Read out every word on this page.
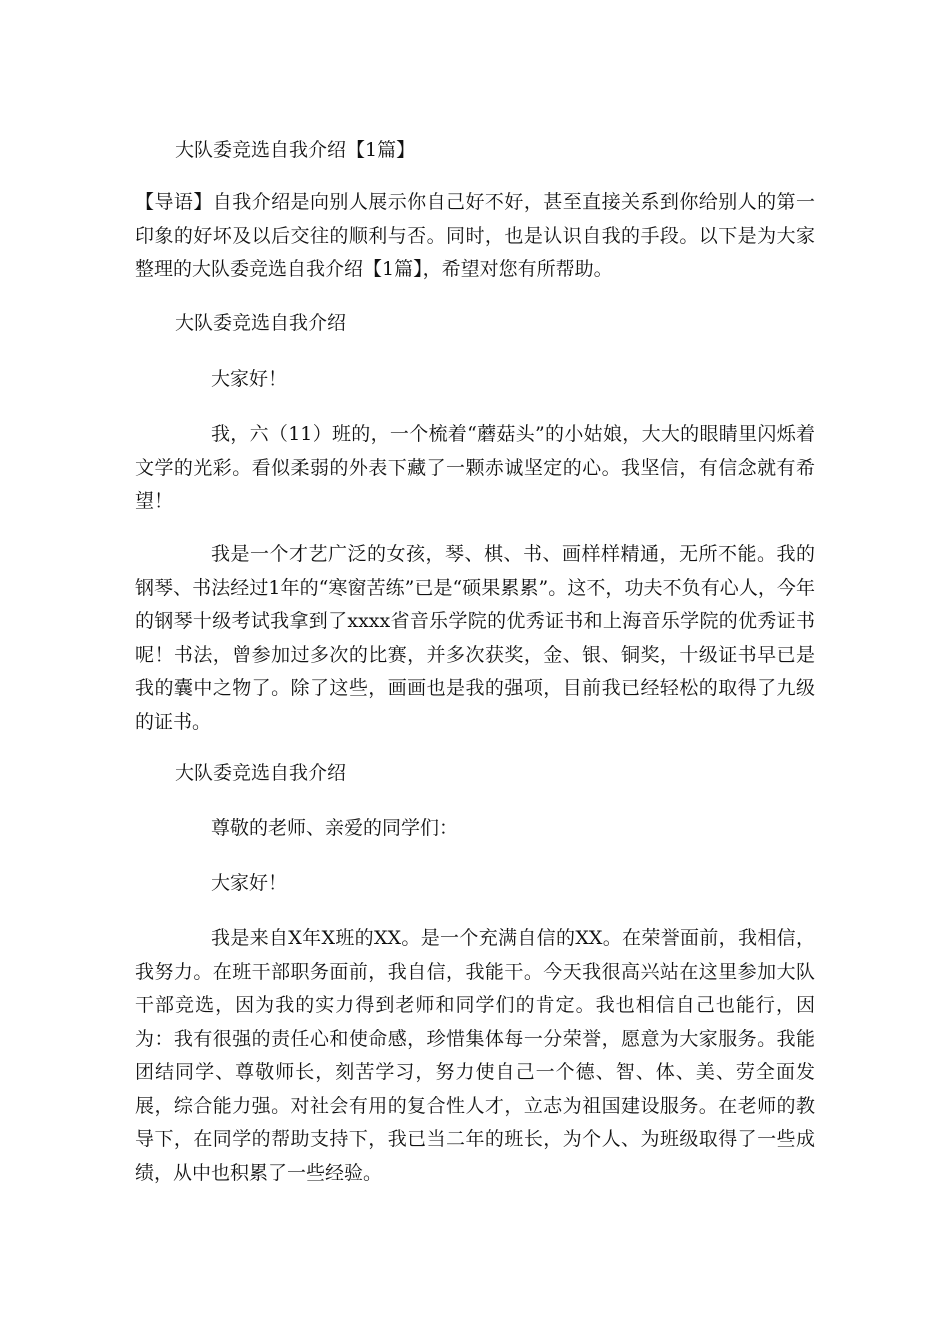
大队委竞选自我介绍【1篇】

【导语】自我介绍是向别人展示你自己好不好，甚至直接关系到你给别人的第一印象的好坏及以后交往的顺利与否。同时，也是认识自我的手段。以下是为大家整理的大队委竞选自我介绍【1篇】，希望对您有所帮助。

大队委竞选自我介绍

大家好！

我，六（11）班的，一个梳着“蘑菇头”的小姑娘，大大的眼睛里闪烁着文学的光彩。看似柔弱的外表下藏了一颗赤诚坚定的心。我坚信，有信念就有希望！

我是一个才艺广泛的女孩，琴、棋、书、画样样精通，无所不能。我的钢琴、书法经过1年的“寒窗苦练”已是“硕果累累”。这不，功夫不负有心人，今年的钢琴十级考试我拿到了xxxx省音乐学院的优秀证书和上海音乐学院的优秀证书呢！书法，曾参加过多次的比赛，并多次获奖，金、银、铜奖，十级证书早已是我的囊中之物了。除了这些，画画也是我的强项，目前我已经轻松的取得了九级的证书。

大队委竞选自我介绍

尊敬的老师、亲爱的同学们：

大家好！

我是来自X年X班的XX。是一个充满自信的XX。在荣誉面前，我相信，我努力。在班干部职务面前，我自信，我能干。今天我很高兴站在这里参加大队干部竞选，因为我的实力得到老师和同学们的肯定。我也相信自己也能行，因为：我有很强的责任心和使命感，珍惜集体每一分荣誉，愿意为大家服务。我能团结同学、尊敬师长，刻苦学习，努力使自己一个德、智、体、美、劳全面发展，综合能力强。对社会有用的复合性人才，立志为祖国建设服务。在老师的教导下，在同学的帮助支持下，我已当二年的班长，为个人、为班级取得了一些成绩，从中也积累了一些经验。
